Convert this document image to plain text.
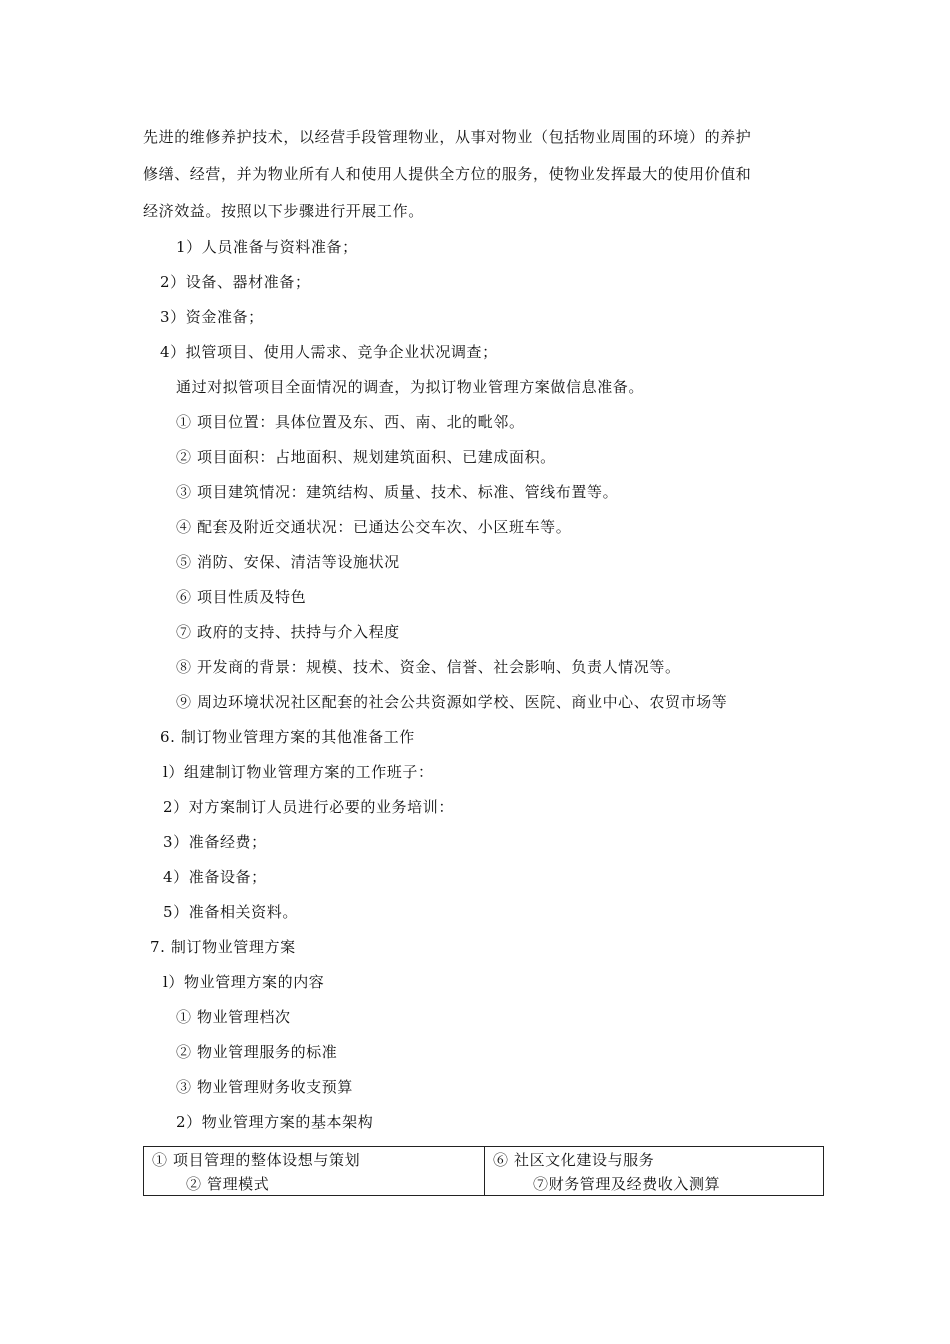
先进的维修养护技术，以经营手段管理物业，从事对物业（包括物业周围的环境）的养护
修缮、经营，并为物业所有人和使用人提供全方位的服务，使物业发挥最大的使用价值和
经济效益。按照以下步骤进行开展工作。
1）人员准备与资料准备；
2）设备、器材准备；
3）资金准备；
4）拟管项目、使用人需求、竞争企业状况调查；
通过对拟管项目全面情况的调查，为拟订物业管理方案做信息准备。
① 项目位置：具体位置及东、西、南、北的毗邻。
② 项目面积：占地面积、规划建筑面积、已建成面积。
③ 项目建筑情况：建筑结构、质量、技术、标准、管线布置等。
④ 配套及附近交通状况：已通达公交车次、小区班车等。
⑤ 消防、安保、清洁等设施状况
⑥ 项目性质及特色
⑦ 政府的支持、扶持与介入程度
⑧ 开发商的背景：规模、技术、资金、信誉、社会影响、负责人情况等。
⑨ 周边环境状况社区配套的社会公共资源如学校、医院、商业中心、农贸市场等
6. 制订物业管理方案的其他准备工作
l）组建制订物业管理方案的工作班子：
2）对方案制订人员进行必要的业务培训：
3）准备经费；
4）准备设备；
5）准备相关资料。
7. 制订物业管理方案
l）物业管理方案的内容
① 物业管理档次
② 物业管理服务的标准
③ 物业管理财务收支预算
2）物业管理方案的基本架构
① 项目管理的整体设想与策划
② 管理模式
⑥ 社区文化建设与服务
⑦财务管理及经费收入测算
